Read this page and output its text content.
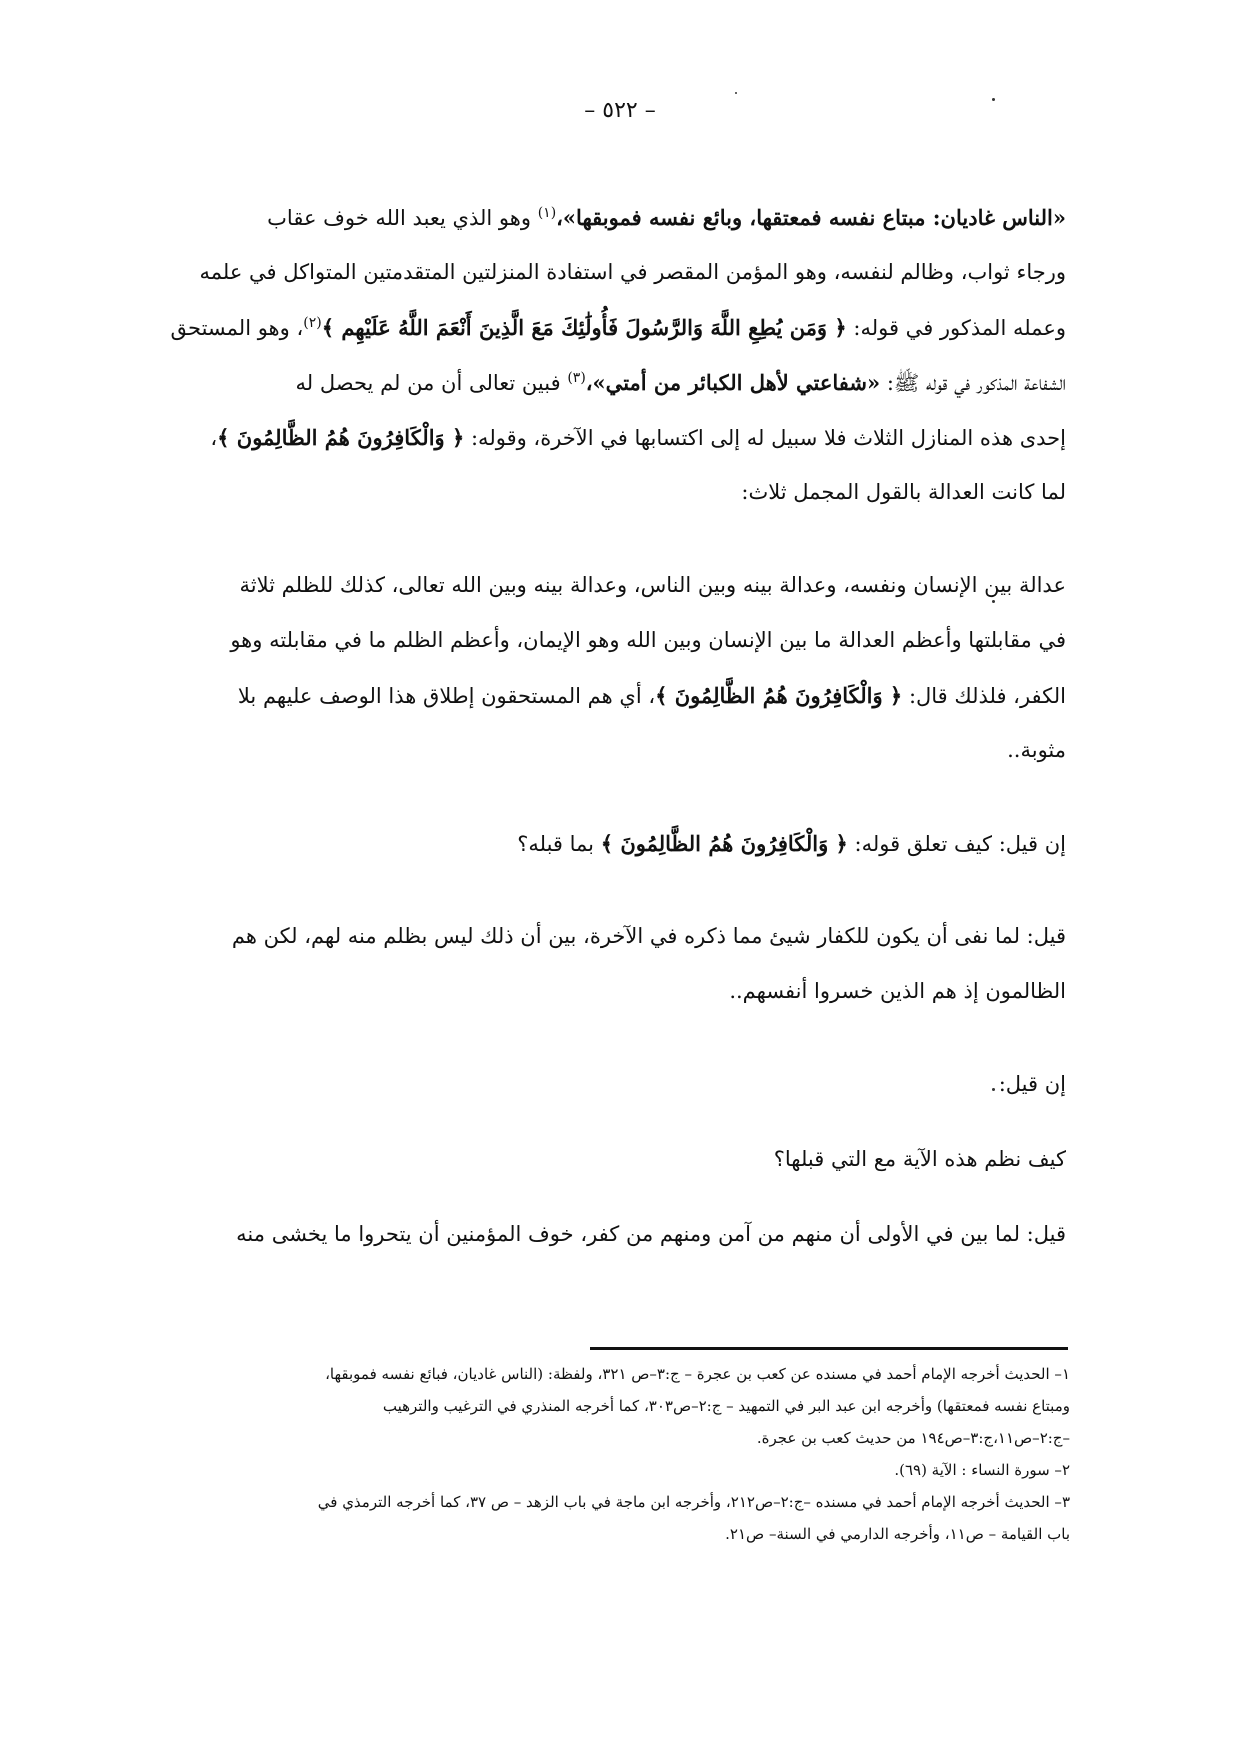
– ٥٢٢ –
«الناس غاديان: مبتاع نفسه فمعتقها، وبائع نفسه فموبقها»،$^{(١)}$ وهو الذي يعبد الله خوف عقاب
ورجاء ثواب، وظالم لنفسه، وهو المؤمن المقصر في استفادة المنزلتين المتقدمتين المتواكل في علمه
وعمله المذكور في قوله: ﴿ وَمَن يُطِعِ اللَّهَ وَالرَّسُولَ فَأُولَٰئِكَ مَعَ الَّذِينَ أَنْعَمَ اللَّهُ عَلَيْهِم ﴾$^{(٢)}$، وهو المستحق
الشفاعة المذكور في قوله ﷺ: «شفاعتي لأهل الكبائر من أمتي»،$^{(٣)}$ فبين تعالى أن من لم يحصل له
إحدى هذه المنازل الثلاث فلا سبيل له إلى اكتسابها في الآخرة، وقوله: ﴿ وَالْكَافِرُونَ هُمُ الظَّالِمُونَ ﴾،
لما كانت العدالة بالقول المجمل ثلاث:
عدالة بين الإنسان ونفسه، وعدالة بينه وبين الناس، وعدالة بينه وبين الله تعالى، كذلك للظلم ثلاثة
في مقابلتها وأعظم العدالة ما بين الإنسان وبين الله وهو الإيمان، وأعظم الظلم ما في مقابلته وهو
الكفر، فلذلك قال: ﴿ وَالْكَافِرُونَ هُمُ الظَّالِمُونَ ﴾، أي هم المستحقون إطلاق هذا الوصف عليهم بلا
مثوبة..
إن قيل: كيف تعلق قوله: ﴿ وَالْكَافِرُونَ هُمُ الظَّالِمُونَ ﴾ بما قبله؟
قيل: لما نفى أن يكون للكفار شيئ مما ذكره في الآخرة، بين أن ذلك ليس بظلم منه لهم، لكن هم
الظالمون إذ هم الذين خسروا أنفسهم..
إن قيل:
كيف نظم هذه الآية مع التي قبلها؟
قيل: لما بين في الأولى أن منهم من آمن ومنهم من كفر، خوف المؤمنين أن يتحروا ما يخشى منه
١– الحديث أخرجه الإمام أحمد في مسنده عن كعب بن عجرة – ج:٣–ص ٣٢١، ولفظة: (الناس غاديان، فبائع نفسه فموبقها،
ومبتاع نفسه فمعتقها) وأخرجه ابن عبد البر في التمهيد – ج:٢–ص٣٠٣، كما أخرجه المنذري في الترغيب والترهيب
–ج:٢–ص١١،ج:٣–ص١٩٤ من حديث كعب بن عجرة.
٢– سورة النساء : الآية (٦٩).
٣– الحديث أخرجه الإمام أحمد في مسنده –ج:٢–ص٢١٢، وأخرجه ابن ماجة في باب الزهد – ص ٣٧، كما أخرجه الترمذي في
باب القيامة – ص١١، وأخرجه الدارمي في السنة– ص٢١.
